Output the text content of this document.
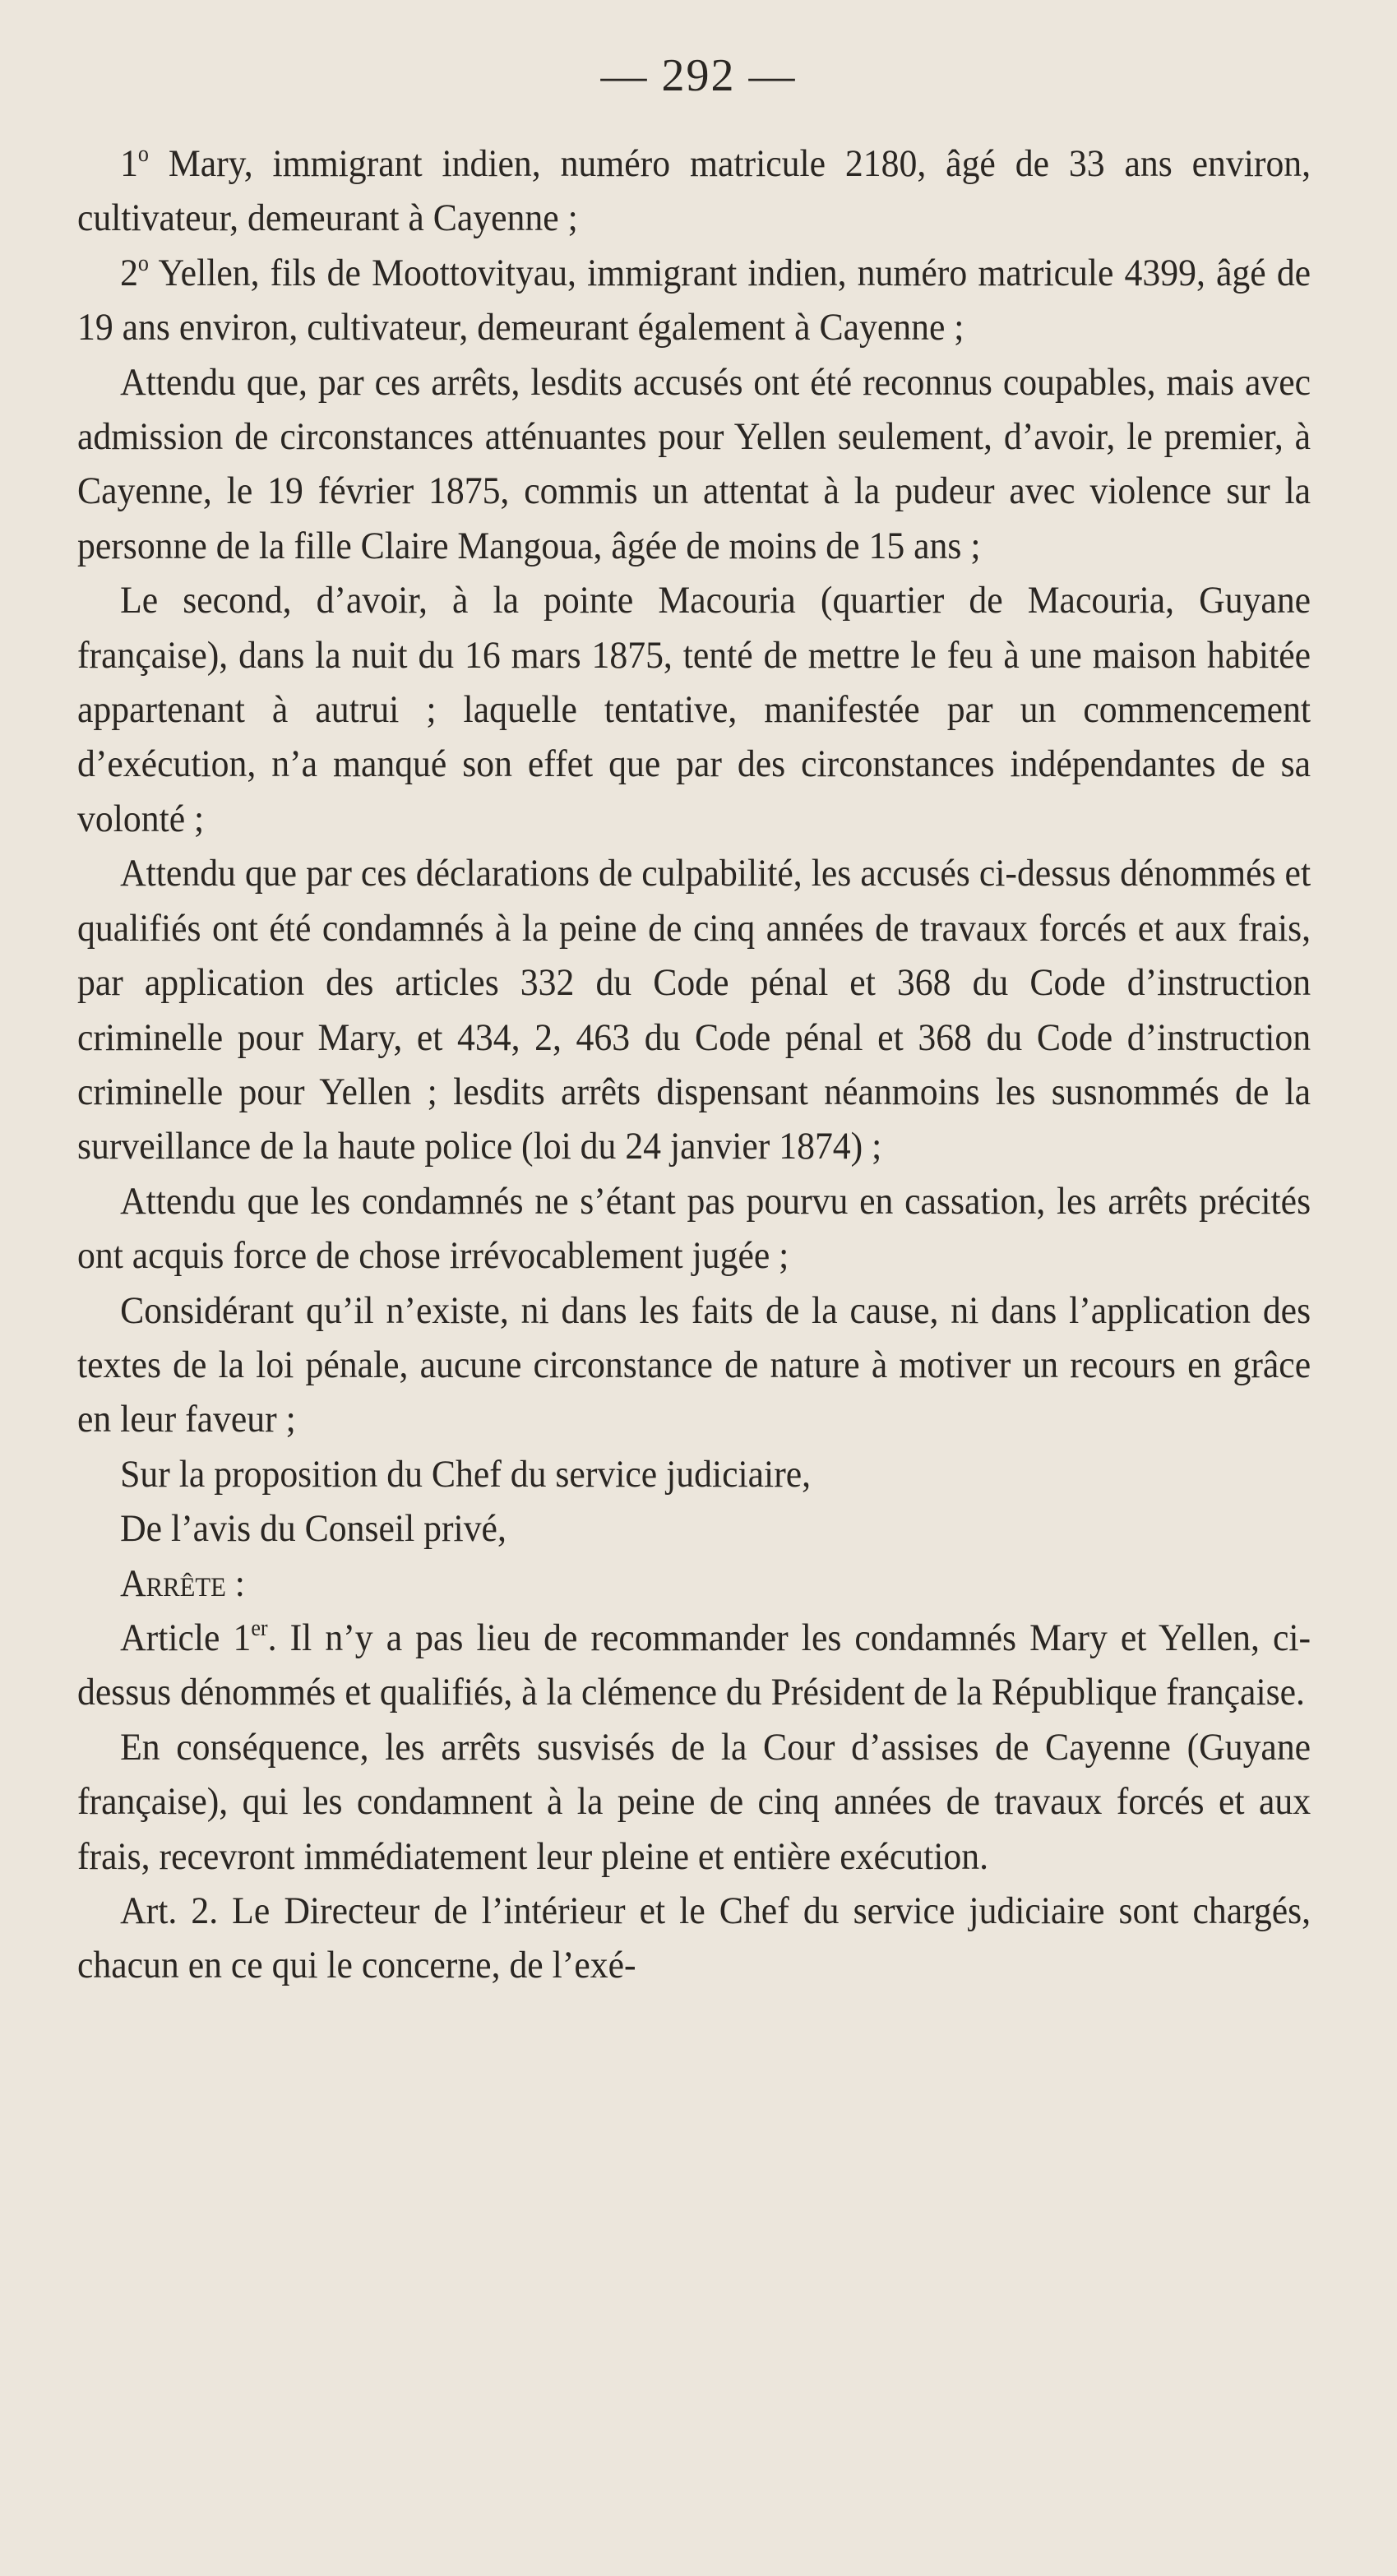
— 292 —

1$^o$ Mary, immigrant indien, numéro matricule 2180, âgé de 33 ans environ, cultivateur, demeurant à Cayenne ;

2$^o$ Yellen, fils de Moottovityau, immigrant indien, numéro matricule 4399, âgé de 19 ans environ, cultivateur, demeurant également à Cayenne ;

Attendu que, par ces arrêts, lesdits accusés ont été reconnus coupables, mais avec admission de circonstances atténuantes pour Yellen seulement, d’avoir, le premier, à Cayenne, le 19 février 1875, commis un attentat à la pudeur avec violence sur la personne de la fille Claire Mangoua, âgée de moins de 15 ans ;

Le second, d’avoir, à la pointe Macouria (quartier de Macouria, Guyane française), dans la nuit du 16 mars 1875, tenté de mettre le feu à une maison habitée appartenant à autrui ; laquelle tentative, manifestée par un commencement d’exécution, n’a manqué son effet que par des circonstances indépendantes de sa volonté ;

Attendu que par ces déclarations de culpabilité, les accusés ci-dessus dénommés et qualifiés ont été condamnés à la peine de cinq années de travaux forcés et aux frais, par application des articles 332 du Code pénal et 368 du Code d’instruction criminelle pour Mary, et 434, 2, 463 du Code pénal et 368 du Code d’instruction criminelle pour Yellen ; lesdits arrêts dispensant néanmoins les susnommés de la surveillance de la haute police (loi du 24 janvier 1874) ;

Attendu que les condamnés ne s’étant pas pourvu en cassation, les arrêts précités ont acquis force de chose irrévocablement jugée ;

Considérant qu’il n’existe, ni dans les faits de la cause, ni dans l’application des textes de la loi pénale, aucune circonstance de nature à motiver un recours en grâce en leur faveur ;

Sur la proposition du Chef du service judiciaire,

De l’avis du Conseil privé,

Arrête :

Article 1er. Il n’y a pas lieu de recommander les condamnés Mary et Yellen, ci-dessus dénommés et qualifiés, à la clémence du Président de la République française.

En conséquence, les arrêts susvisés de la Cour d’assises de Cayenne (Guyane française), qui les condamnent à la peine de cinq années de travaux forcés et aux frais, recevront immédiatement leur pleine et entière exécution.

Art. 2. Le Directeur de l’intérieur et le Chef du service judiciaire sont chargés, chacun en ce qui le concerne, de l’exé-
